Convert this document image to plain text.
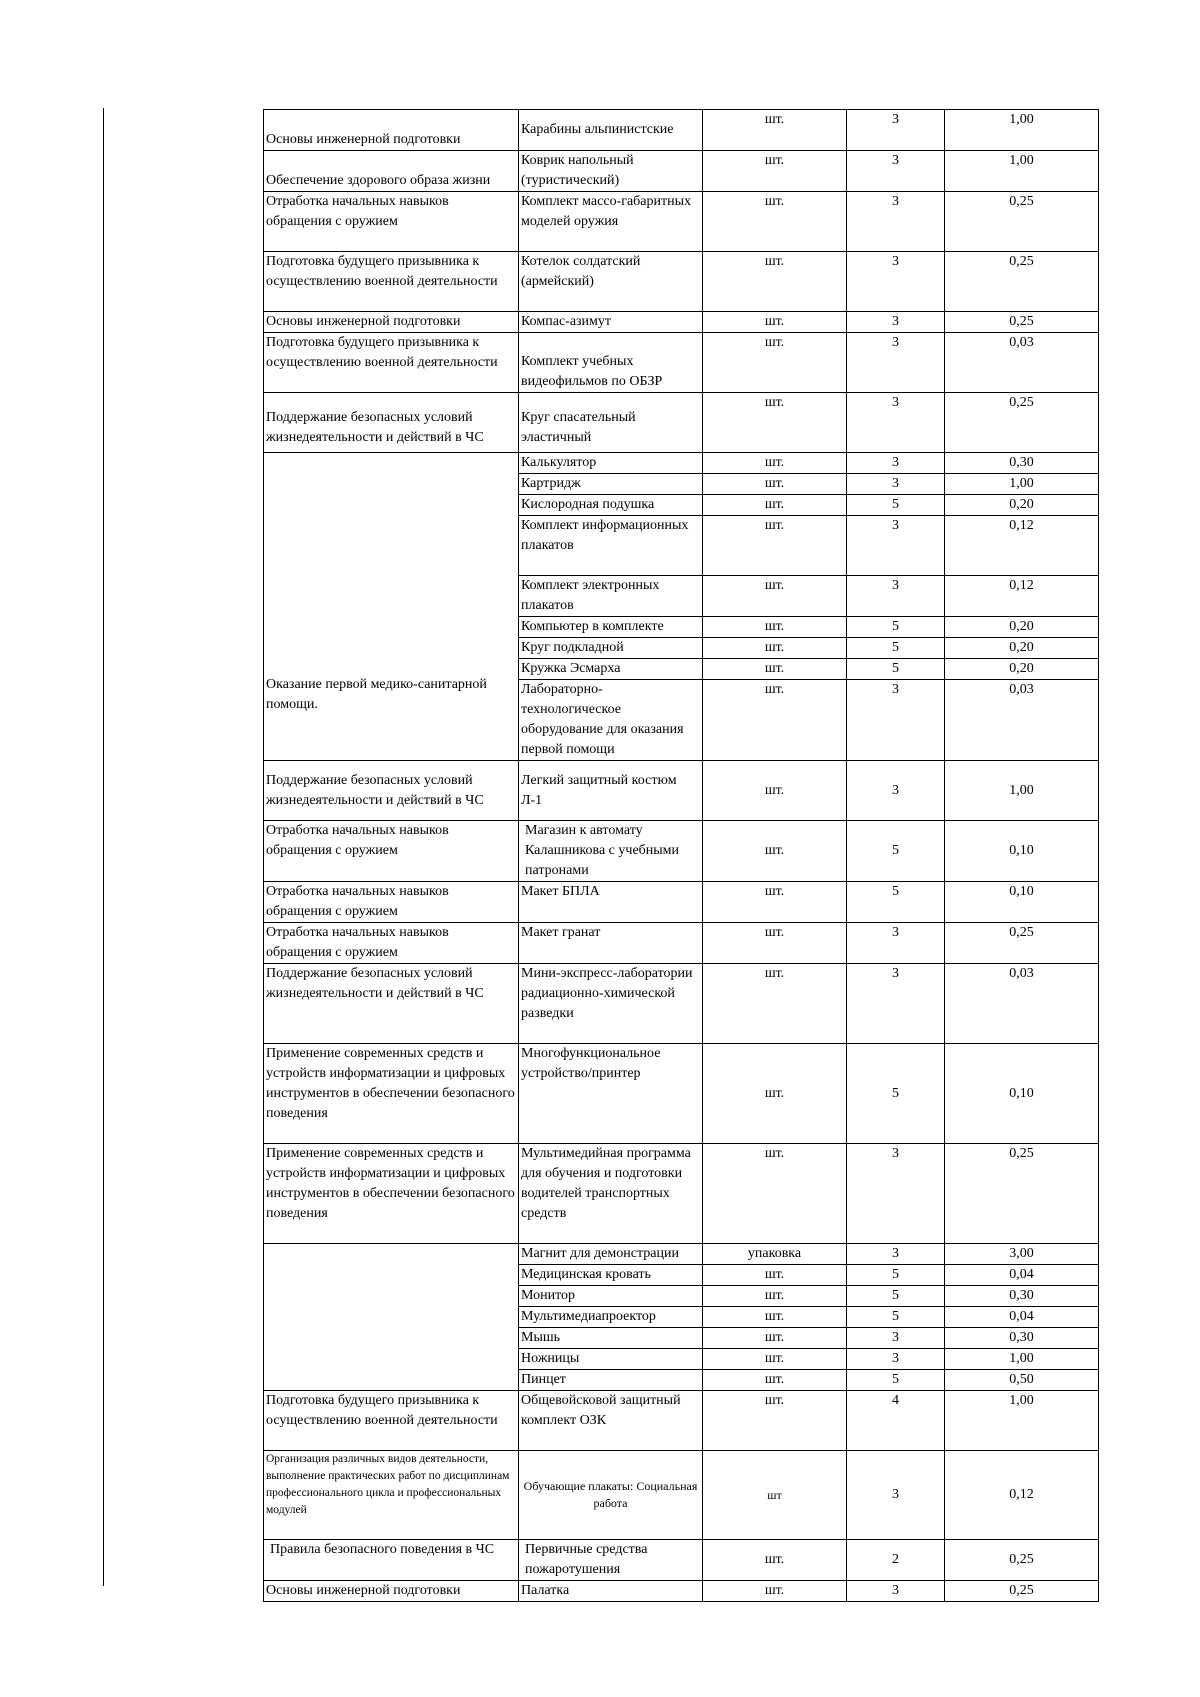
Основы инженерной подготовки	Карабины альпинистские	шт.	3	1,00
Обеспечение здорового образа жизни	Коврик напольный (туристический)	шт.	3	1,00
Отработка начальных навыков обращения с оружием	Комплект массо-габаритных моделей оружия	шт.	3	0,25
Подготовка будущего призывника к осуществлению военной деятельности	Котелок солдатский (армейский)	шт.	3	0,25
Основы инженерной подготовки	Компас-азимут	шт.	3	0,25
Подготовка будущего призывника к осуществлению военной деятельности	Комплект учебных видеофильмов по ОБЗР	шт.	3	0,03
Поддержание безопасных условий жизнедеятельности и действий в ЧС	Круг спасательный эластичный	шт.	3	0,25
Оказание первой медико-санитарной помощи.	Калькулятор	шт.	3	0,30
	Картридж	шт.	3	1,00
	Кислородная подушка	шт.	5	0,20
	Комплект информационных плакатов	шт.	3	0,12
	Комплект электронных плакатов	шт.	3	0,12
	Компьютер в комплекте	шт.	5	0,20
	Круг подкладной	шт.	5	0,20
	Кружка Эсмарха	шт.	5	0,20
	Лабораторно-технологическое оборудование для оказания первой помощи	шт.	3	0,03
Поддержание безопасных условий жизнедеятельности и действий в ЧС	Легкий защитный костюм Л-1	шт.	3	1,00
Отработка начальных навыков обращения с оружием	Магазин к автомату Калашникова с учебными патронами	шт.	5	0,10
Отработка начальных навыков обращения с оружием	Макет БПЛА	шт.	5	0,10
Отработка начальных навыков обращения с оружием	Макет гранат	шт.	3	0,25
Поддержание безопасных условий жизнедеятельности и действий в ЧС	Мини-экспресс-лаборатории радиационно-химической разведки	шт.	3	0,03
Применение современных средств и устройств информатизации и цифровых инструментов в обеспечении безопасного поведения	Многофункциональное устройство/принтер	шт.	5	0,10
Применение современных средств и устройств информатизации и цифровых инструментов в обеспечении безопасного поведения	Мультимедийная программа для обучения и подготовки водителей транспортных средств	шт.	3	0,25
	Магнит для демонстрации	упаковка	3	3,00
	Медицинская кровать	шт.	5	0,04
	Монитор	шт.	5	0,30
	Мультимедиапроектор	шт.	5	0,04
	Мышь	шт.	3	0,30
	Ножницы	шт.	3	1,00
	Пинцет	шт.	5	0,50
Подготовка будущего призывника к осуществлению военной деятельности	Общевойсковой защитный комплект ОЗК	шт.	4	1,00
Организация различных видов деятельности, выполнение практических работ по дисциплинам профессионального цикла и профессиональных модулей	Обучающие плакаты: Социальная работа	шт	3	0,12
Правила безопасного поведения в ЧС	Первичные средства пожаротушения	шт.	2	0,25
Основы инженерной подготовки	Палатка	шт.	3	0,25
